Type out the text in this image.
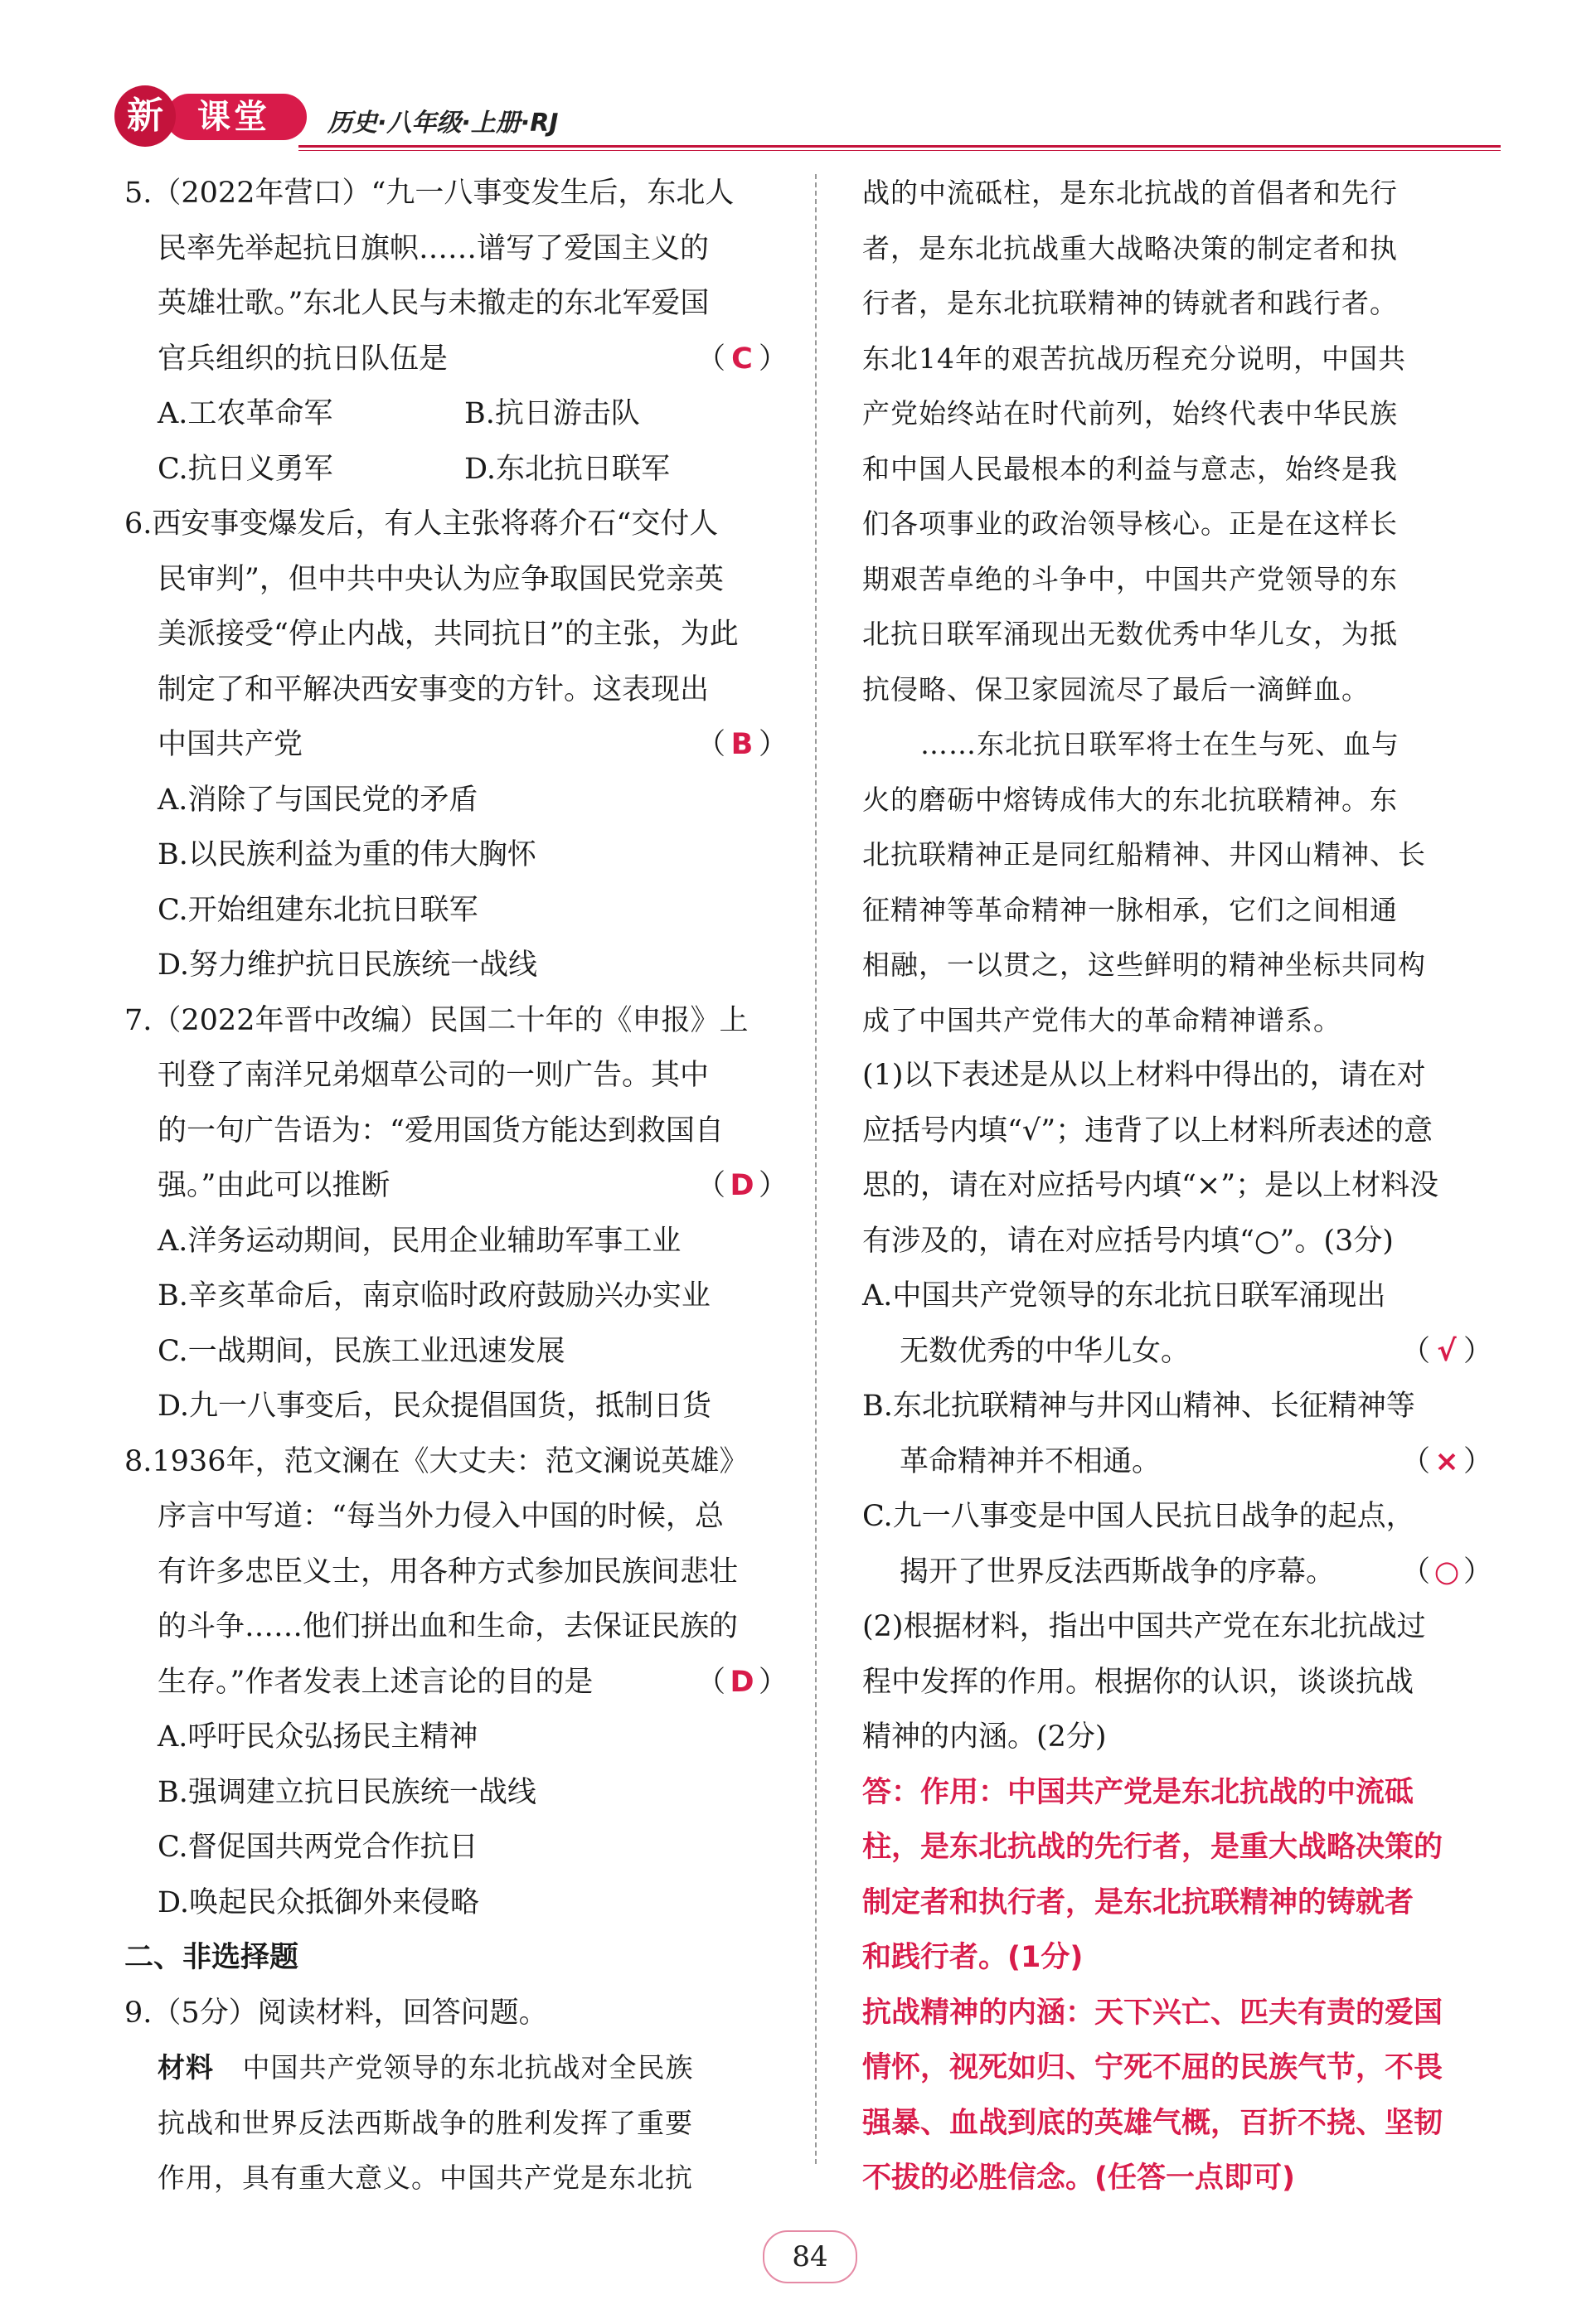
课堂
新	历史·八年级·上册·RJ
5.（2022年营口）“九一八事变发生后，东北人
民率先举起抗日旗帜……谱写了爱国主义的
英雄壮歌。”东北人民与未撤走的东北军爱国
官兵组织的抗日队伍是	（ C ）
A.工农革命军	B.抗日游击队
C.抗日义勇军	D.东北抗日联军
6.西安事变爆发后，有人主张将蒋介石“交付人
民审判”，但中共中央认为应争取国民党亲英
美派接受“停止内战，共同抗日”的主张，为此
制定了和平解决西安事变的方针。这表现出
中国共产党	（ B ）
A.消除了与国民党的矛盾
B.以民族利益为重的伟大胸怀
C.开始组建东北抗日联军
D.努力维护抗日民族统一战线
7.（2022年晋中改编）民国二十年的《申报》上
刊登了南洋兄弟烟草公司的一则广告。其中
的一句广告语为：“爱用国货方能达到救国自
强。”由此可以推断	（ D ）
A.洋务运动期间，民用企业辅助军事工业
B.辛亥革命后，南京临时政府鼓励兴办实业
C.一战期间，民族工业迅速发展
D.九一八事变后，民众提倡国货，抵制日货
8.1936年，范文澜在《大丈夫：范文澜说英雄》
序言中写道：“每当外力侵入中国的时候，总
有许多忠臣义士，用各种方式参加民族间悲壮
的斗争……他们拼出血和生命，去保证民族的
生存。”作者发表上述言论的目的是	（ D ）
A.呼吁民众弘扬民主精神
B.强调建立抗日民族统一战线
C.督促国共两党合作抗日
D.唤起民众抵御外来侵略
二、非选择题
9.（5分）阅读材料，回答问题。
材料 中国共产党领导的东北抗战对全民族
抗战和世界反法西斯战争的胜利发挥了重要
作用，具有重大意义。中国共产党是东北抗
战的中流砥柱，是东北抗战的首倡者和先行
者，是东北抗战重大战略决策的制定者和执
行者，是东北抗联精神的铸就者和践行者。
东北14年的艰苦抗战历程充分说明，中国共
产党始终站在时代前列，始终代表中华民族
和中国人民最根本的利益与意志，始终是我
们各项事业的政治领导核心。正是在这样长
期艰苦卓绝的斗争中，中国共产党领导的东
北抗日联军涌现出无数优秀中华儿女，为抵
抗侵略、保卫家园流尽了最后一滴鲜血。
……东北抗日联军将士在生与死、血与
火的磨砺中熔铸成伟大的东北抗联精神。东
北抗联精神正是同红船精神、井冈山精神、长
征精神等革命精神一脉相承，它们之间相通
相融，一以贯之，这些鲜明的精神坐标共同构
成了中国共产党伟大的革命精神谱系。
(1)以下表述是从以上材料中得出的，请在对
应括号内填“√”；违背了以上材料所表述的意
思的，请在对应括号内填“×”；是以上材料没
有涉及的，请在对应括号内填“○”。(3分)
A.中国共产党领导的东北抗日联军涌现出
无数优秀的中华儿女。	（ √ ）
B.东北抗联精神与井冈山精神、长征精神等
革命精神并不相通。	（ × ）
C.九一八事变是中国人民抗日战争的起点，
揭开了世界反法西斯战争的序幕。 （ ○ ）
(2)根据材料，指出中国共产党在东北抗战过
程中发挥的作用。根据你的认识，谈谈抗战
精神的内涵。(2分)
答：作用：中国共产党是东北抗战的中流砥
柱，是东北抗战的先行者，是重大战略决策的
制定者和执行者，是东北抗联精神的铸就者
和践行者。(1分)
抗战精神的内涵：天下兴亡、匹夫有责的爱国
情怀，视死如归、宁死不屈的民族气节，不畏
强暴、血战到底的英雄气概，百折不挠、坚韧
不拔的必胜信念。(任答一点即可)
84
